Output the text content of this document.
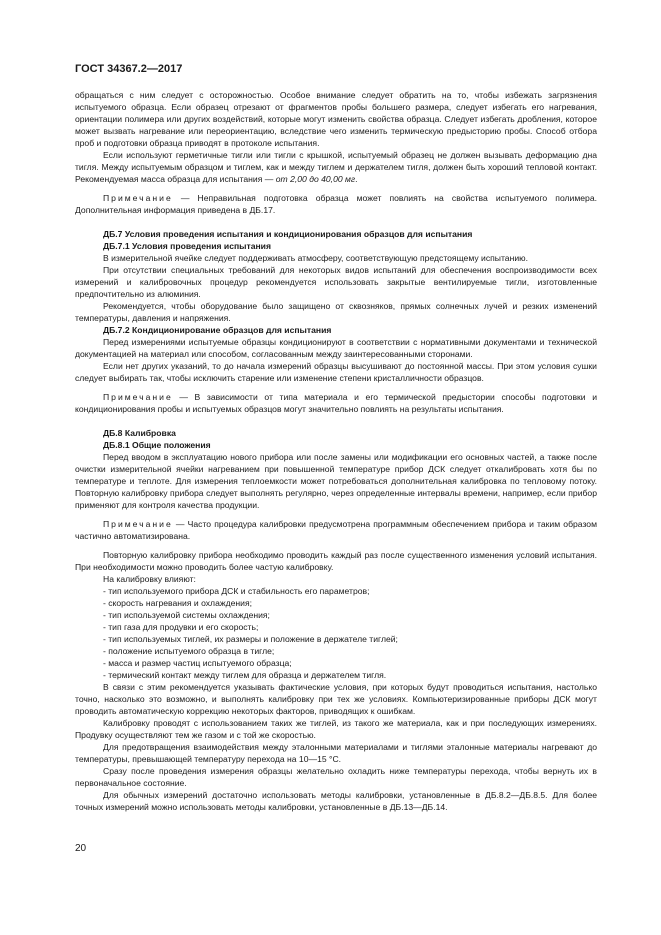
ГОСТ 34367.2—2017

обращаться с ним следует с осторожностью. Особое внимание следует обратить на то, чтобы избежать загрязнения испытуемого образца. Если образец отрезают от фрагментов пробы большего размера, следует избегать его нагревания, ориентации полимера или других воздействий, которые могут изменить свойства образца. Следует избегать дробления, которое может вызвать нагревание или переориентацию, вследствие чего изменить термическую предысторию пробы. Способ отбора проб и подготовки образца приводят в протоколе испытания.

Если используют герметичные тигли или тигли с крышкой, испытуемый образец не должен вызывать деформацию дна тигля. Между испытуемым образцом и тиглем, как и между тиглем и держателем тигля, должен быть хороший тепловой контакт. Рекомендуемая масса образца для испытания — от 2,00 до 40,00 мг.

Примечание — Неправильная подготовка образца может повлиять на свойства испытуемого полимера. Дополнительная информация приведена в ДБ.17.

ДБ.7 Условия проведения испытания и кондиционирования образцов для испытания

ДБ.7.1 Условия проведения испытания

В измерительной ячейке следует поддерживать атмосферу, соответствующую предстоящему испытанию.

При отсутствии специальных требований для некоторых видов испытаний для обеспечения воспроизводимости всех измерений и калибровочных процедур рекомендуется использовать закрытые вентилируемые тигли, изготовленные предпочтительно из алюминия.

Рекомендуется, чтобы оборудование было защищено от сквозняков, прямых солнечных лучей и резких изменений температуры, давления и напряжения.

ДБ.7.2 Кондиционирование образцов для испытания

Перед измерениями испытуемые образцы кондиционируют в соответствии с нормативными документами и технической документацией на материал или способом, согласованным между заинтересованными сторонами.

Если нет других указаний, то до начала измерений образцы высушивают до постоянной массы. При этом условия сушки следует выбирать так, чтобы исключить старение или изменение степени кристалличности образцов.

Примечание — В зависимости от типа материала и его термической предыстории способы подготовки и кондиционирования пробы и испытуемых образцов могут значительно повлиять на результаты испытания.

ДБ.8 Калибровка

ДБ.8.1 Общие положения

Перед вводом в эксплуатацию нового прибора или после замены или модификации его основных частей, а также после очистки измерительной ячейки нагреванием при повышенной температуре прибор ДСК следует откалибровать хотя бы по температуре и теплоте. Для измерения теплоемкости может потребоваться дополнительная калибровка по тепловому потоку. Повторную калибровку прибора следует выполнять регулярно, через определенные интервалы времени, например, если прибор применяют для контроля качества продукции.

Примечание — Часто процедура калибровки предусмотрена программным обеспечением прибора и таким образом частично автоматизирована.

Повторную калибровку прибора необходимо проводить каждый раз после существенного изменения условий испытания. При необходимости можно проводить более частую калибровку.

На калибровку влияют:

- тип используемого прибора ДСК и стабильность его параметров;
- скорость нагревания и охлаждения;
- тип используемой системы охлаждения;
- тип газа для продувки и его скорость;
- тип используемых тиглей, их размеры и положение в держателе тиглей;
- положение испытуемого образца в тигле;
- масса и размер частиц испытуемого образца;
- термический контакт между тиглем для образца и держателем тигля.

В связи с этим рекомендуется указывать фактические условия, при которых будут проводиться испытания, настолько точно, насколько это возможно, и выполнять калибровку при тех же условиях. Компьютеризированные приборы ДСК могут проводить автоматическую коррекцию некоторых факторов, приводящих к ошибкам.

Калибровку проводят с использованием таких же тиглей, из такого же материала, как и при последующих измерениях. Продувку осуществляют тем же газом и с той же скоростью.

Для предотвращения взаимодействия между эталонными материалами и тиглями эталонные материалы нагревают до температуры, превышающей температуру перехода на 10—15 °С.

Сразу после проведения измерения образцы желательно охладить ниже температуры перехода, чтобы вернуть их в первоначальное состояние.

Для обычных измерений достаточно использовать методы калибровки, установленные в ДБ.8.2—ДБ.8.5. Для более точных измерений можно использовать методы калибровки, установленные в ДБ.13—ДБ.14.

20
